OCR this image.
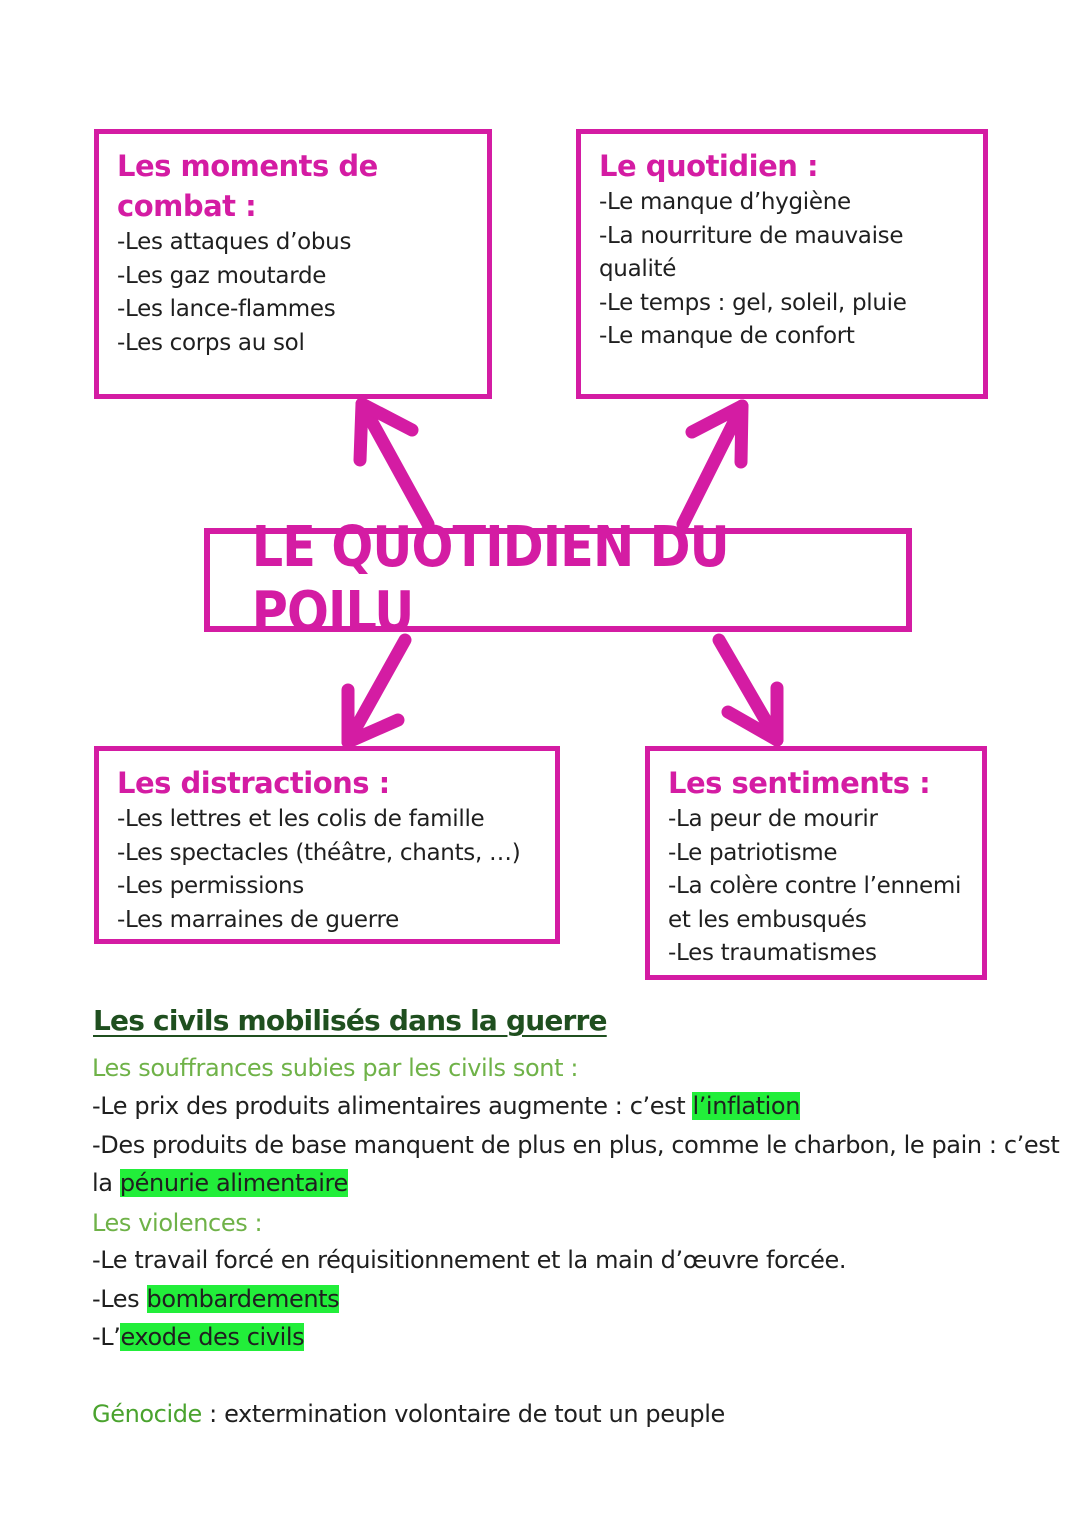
Les moments de
combat :
-Les attaques d’obus
-Les gaz moutarde
-Les lance-flammes
-Les corps au sol
Le quotidien :
-Le manque d’hygiène
-La nourriture de mauvaise
qualité
-Le temps : gel, soleil, pluie
-Le manque de confort
LE QUOTIDIEN DU POILU
Les distractions :
-Les lettres et les colis de famille
-Les spectacles (théâtre, chants, …)
-Les permissions
-Les marraines de guerre
Les sentiments :
-La peur de mourir
-Le patriotisme
-La colère contre l’ennemi
et les embusqués
-Les traumatismes
Les civils mobilisés dans la guerre
Les souffrances subies par les civils sont :
-Le prix des produits alimentaires augmente : c’est l’inflation
-Des produits de base manquent de plus en plus, comme le charbon, le pain : c’est
la pénurie alimentaire
Les violences :
-Le travail forcé en réquisitionnement et la main d’œuvre forcée.
-Les bombardements
-L’exode des civils
Génocide : extermination volontaire de tout un peuple
